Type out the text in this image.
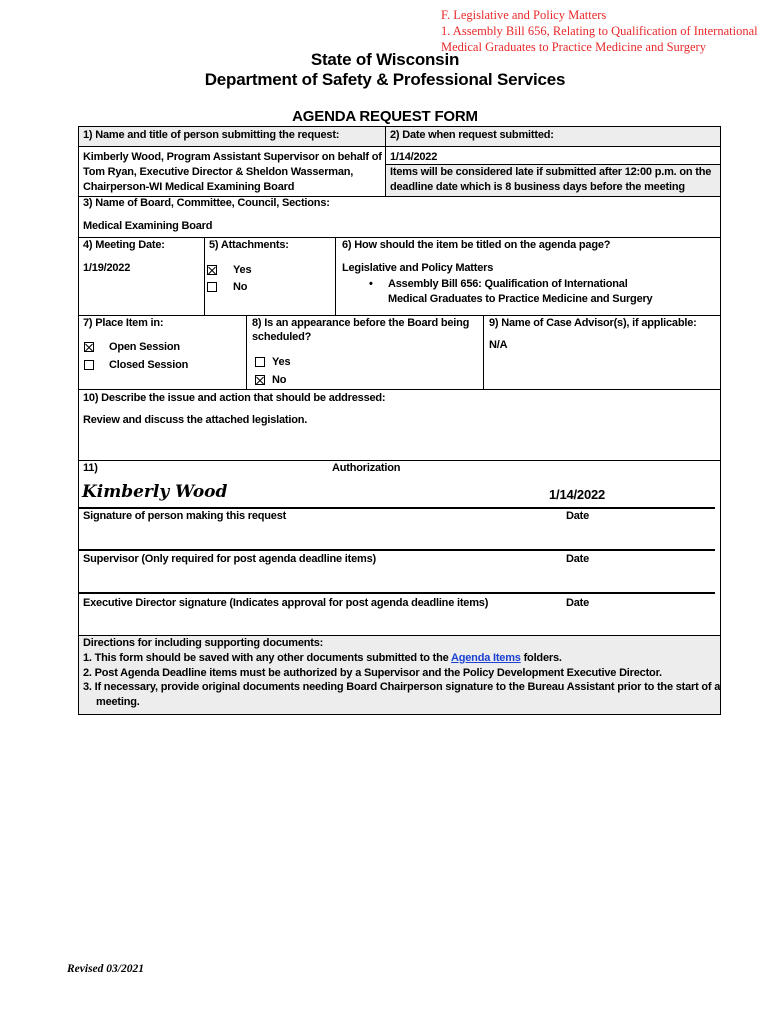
F. Legislative and Policy Matters
1. Assembly Bill 656, Relating to Qualification of International
Medical Graduates to Practice Medicine and Surgery
State of Wisconsin
Department of Safety & Professional Services
AGENDA REQUEST FORM
1) Name and title of person submitting the request:	2) Date when request submitted:
Kimberly Wood, Program Assistant Supervisor on behalf of
Tom Ryan, Executive Director & Sheldon Wasserman,
Chairperson-WI Medical Examining Board
1/14/2022
Items will be considered late if submitted after 12:00 p.m. on the
deadline date which is 8 business days before the meeting
3) Name of Board, Committee, Council, Sections:
Medical Examining Board
4) Meeting Date:
1/19/2022
5) Attachments:
Yes
No
6) How should the item be titled on the agenda page?
Legislative and Policy Matters
• Assembly Bill 656: Qualification of International
Medical Graduates to Practice Medicine and Surgery
7) Place Item in:
Open Session
Closed Session
8) Is an appearance before the Board being
scheduled?
Yes
No
9) Name of Case Advisor(s), if applicable:
N/A
10) Describe the issue and action that should be addressed:
Review and discuss the attached legislation.
11)	Authorization
Kimberly Wood	1/14/2022
Signature of person making this request	Date
Supervisor (Only required for post agenda deadline items)	Date
Executive Director signature (Indicates approval for post agenda deadline items)	Date
Directions for including supporting documents:
1. This form should be saved with any other documents submitted to the Agenda Items folders.
2. Post Agenda Deadline items must be authorized by a Supervisor and the Policy Development Executive Director.
3. If necessary, provide original documents needing Board Chairperson signature to the Bureau Assistant prior to the start of a
meeting.
Revised 03/2021
